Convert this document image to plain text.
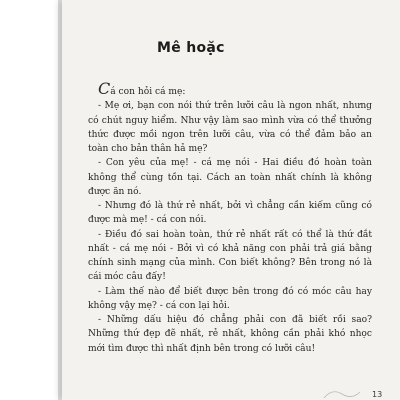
Mê hoặc

Cá con hỏi cá mẹ:

- Mẹ ơi, bạn con nói thứ trên lưỡi câu là ngon nhất, nhưng có chút nguy hiểm. Như vậy làm sao mình vừa có thể thưởng thức được mồi ngon trên lưỡi câu, vừa có thể đảm bảo an toàn cho bản thân hả mẹ?

- Con yêu của mẹ! - cá mẹ nói - Hai điều đó hoàn toàn không thể cùng tồn tại. Cách an toàn nhất chính là không được ăn nó.

- Nhưng đó là thứ rẻ nhất, bởi vì chẳng cần kiếm cũng có được mà mẹ! - cá con nói.

- Điều đó sai hoàn toàn, thứ rẻ nhất rất có thể là thứ đắt nhất - cá mẹ nói - Bởi vì có khả năng con phải trả giá bằng chính sinh mạng của mình. Con biết không? Bên trong nó là cái móc câu đấy!

- Làm thế nào để biết được bên trong đó có móc câu hay không vậy mẹ? - cá con lại hỏi.

- Những dấu hiệu đó chẳng phải con đã biết rồi sao? Những thứ đẹp đẽ nhất, rẻ nhất, không cần phải khó nhọc mới tìm được thì nhất định bên trong có lưỡi câu!

13
